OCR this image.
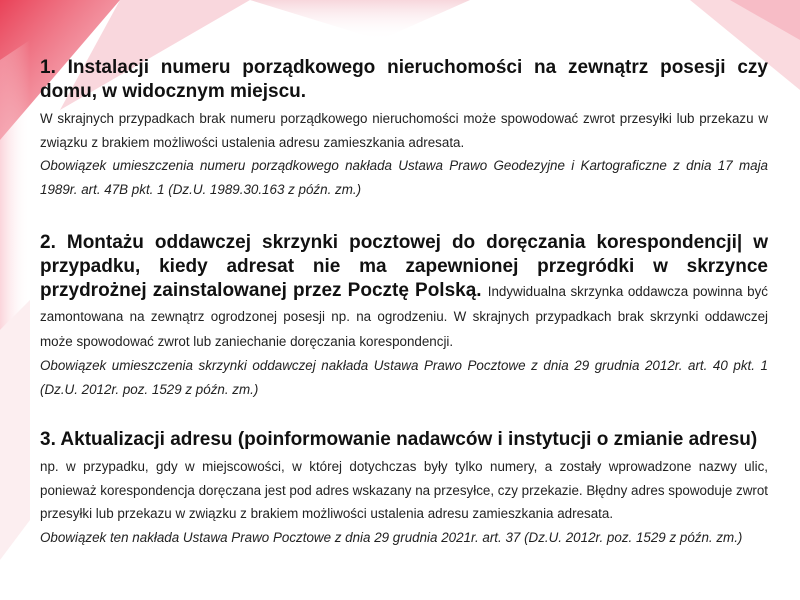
1. Instalacji numeru porządkowego nieruchomości na zewnątrz posesji czy domu, w widocznym miejscu.

W skrajnych przypadkach brak numeru porządkowego nieruchomości może spowodować zwrot przesyłki lub przekazu w związku z brakiem możliwości ustalenia adresu zamieszkania adresata.

Obowiązek umieszczenia numeru porządkowego nakłada Ustawa Prawo Geodezyjne i Kartograficzne z dnia 17 maja 1989r. art. 47B pkt. 1 (Dz.U. 1989.30.163 z późn. zm.)

2. Montażu oddawczej skrzynki pocztowej do doręczania korespondencji| w przypadku, kiedy adresat nie ma zapewnionej przegródki w skrzynce przydrożnej zainstalowanej przez Pocztę Polską. Indywidualna skrzynka oddawcza powinna być zamontowana na zewnątrz ogrodzonej posesji np. na ogrodzeniu. W skrajnych przypadkach brak skrzynki oddawczej może spowodować zwrot lub zaniechanie doręczania korespondencji.

Obowiązek umieszczenia skrzynki oddawczej nakłada Ustawa Prawo Pocztowe z dnia 29 grudnia 2012r. art. 40 pkt. 1 (Dz.U. 2012r. poz. 1529 z późn. zm.)

3. Aktualizacji adresu (poinformowanie nadawców i instytucji o zmianie adresu)

np. w przypadku, gdy w miejscowości, w której dotychczas były tylko numery, a zostały wprowadzone nazwy ulic, ponieważ korespondencja doręczana jest pod adres wskazany na przesyłce, czy przekazie. Błędny adres spowoduje zwrot przesyłki lub przekazu w związku z brakiem możliwości ustalenia adresu zamieszkania adresata.

Obowiązek ten nakłada Ustawa Prawo Pocztowe z dnia 29 grudnia 2021r. art. 37 (Dz.U. 2012r. poz. 1529 z późn. zm.)
